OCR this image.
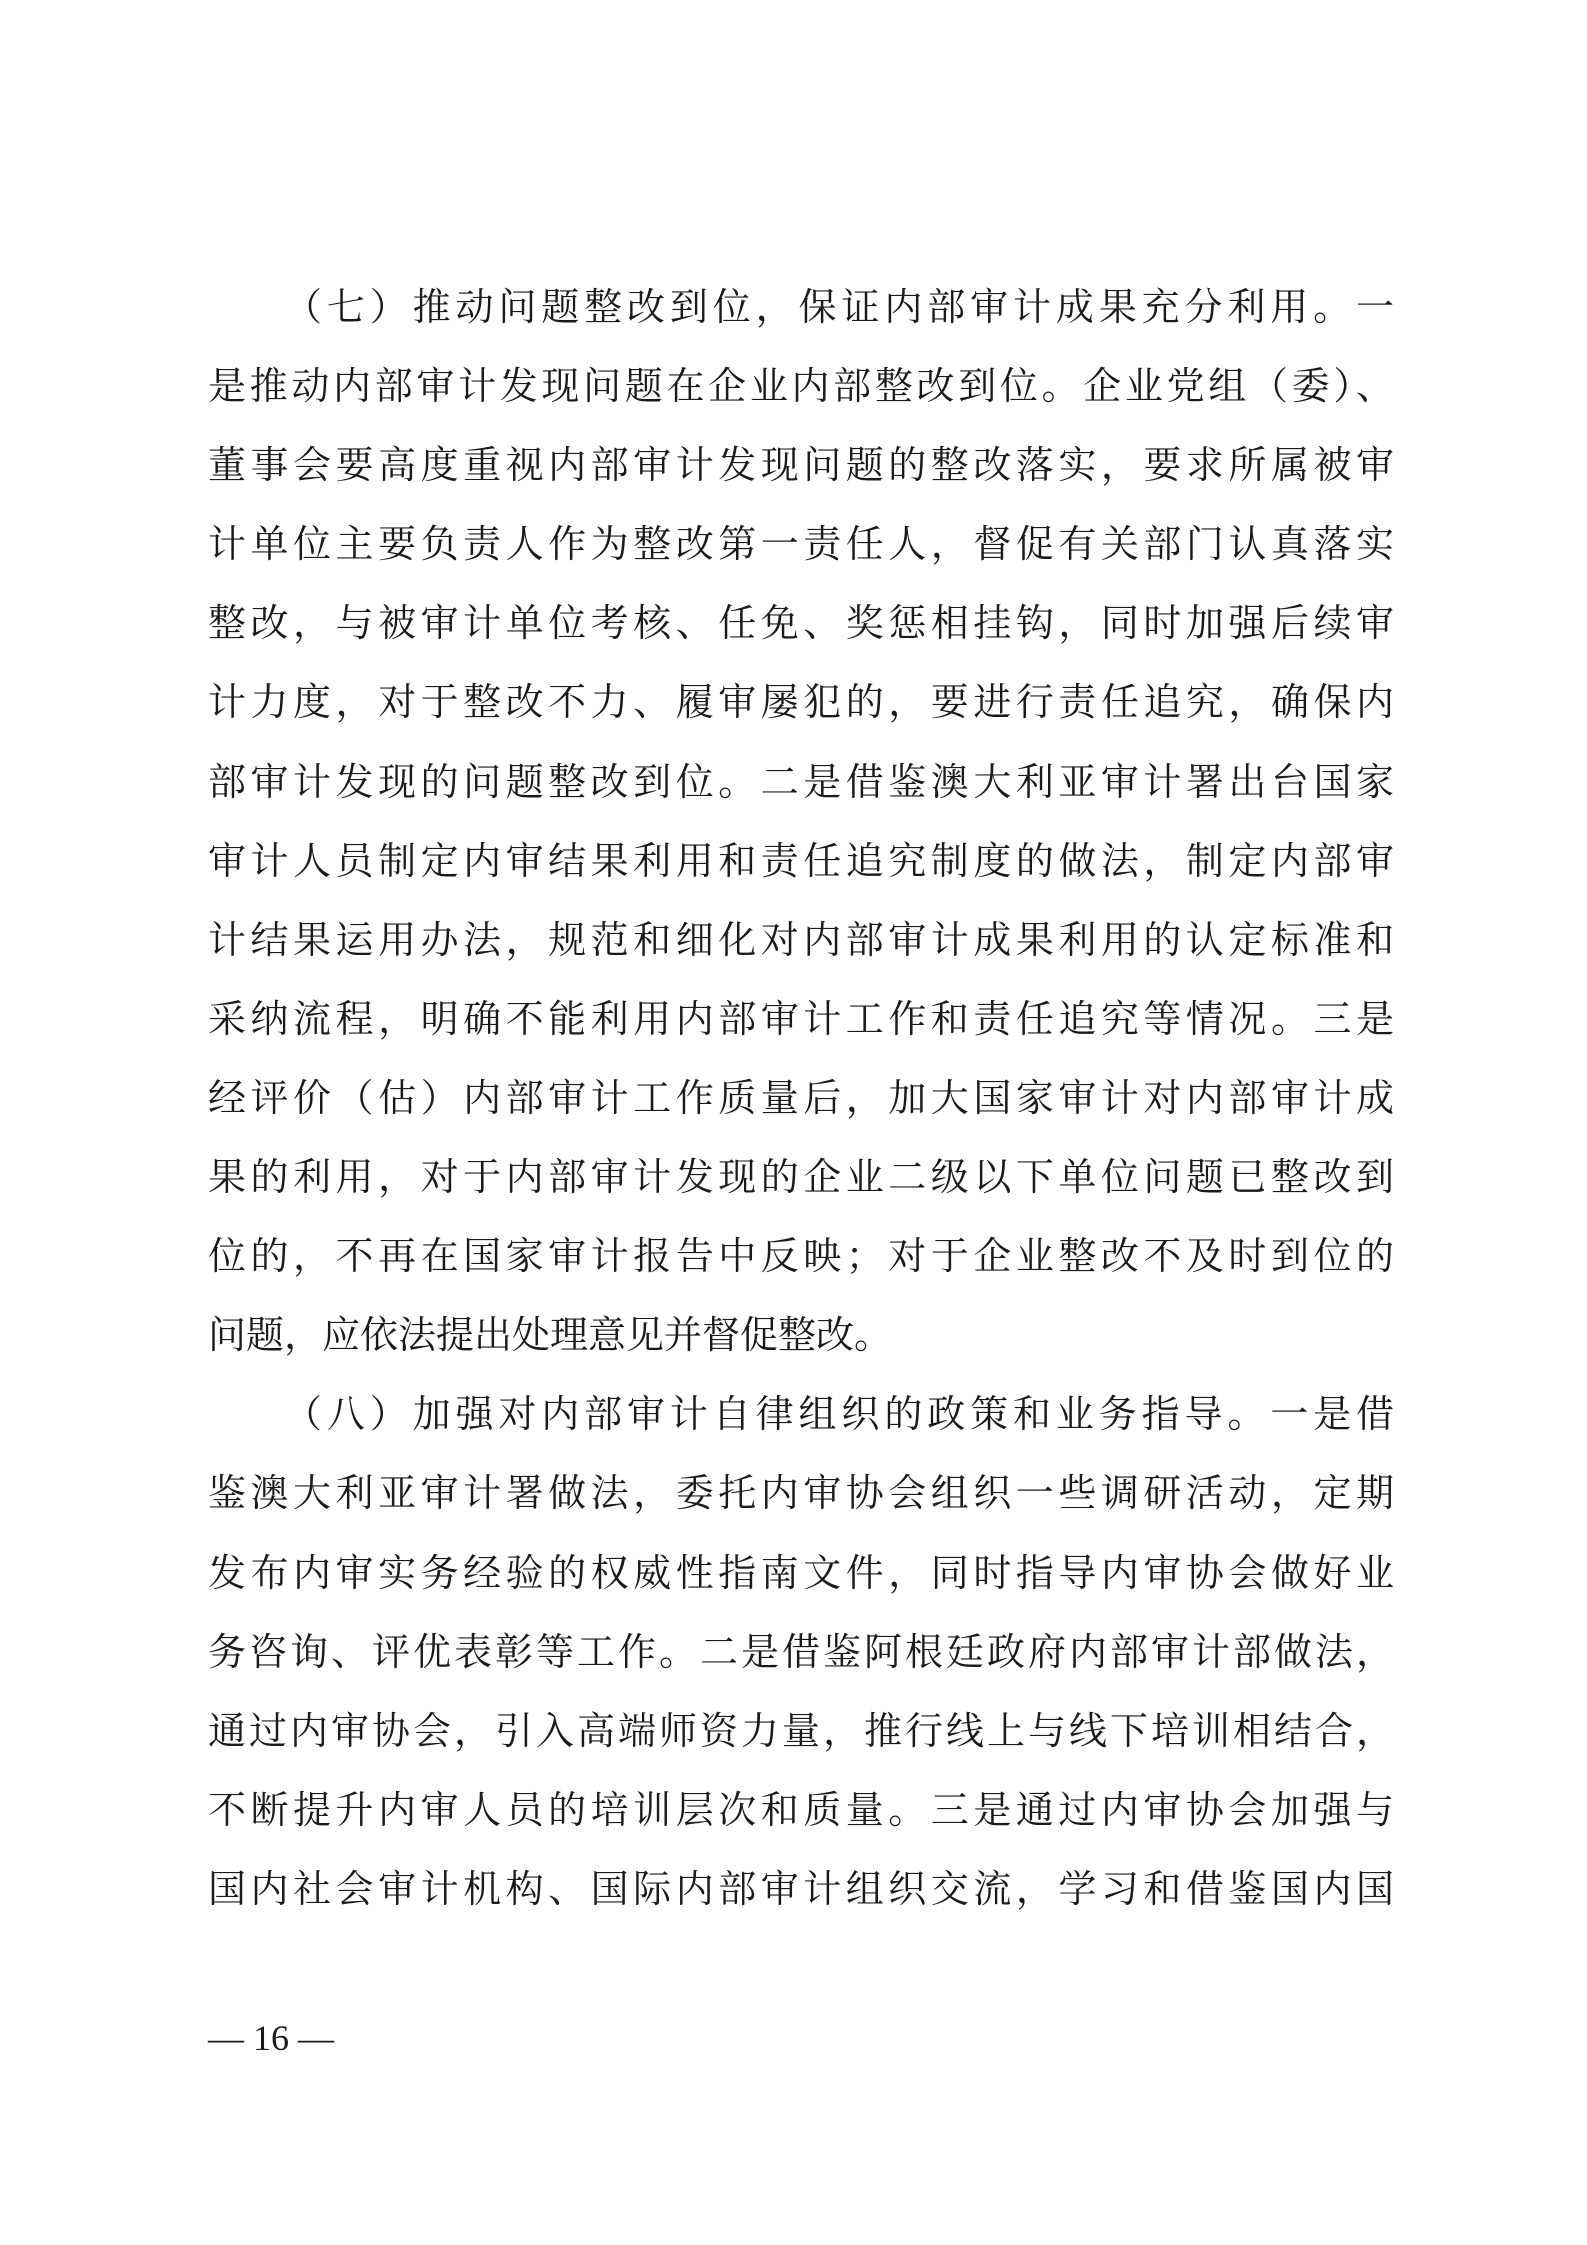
（七）推动问题整改到位，保证内部审计成果充分利用。一
是推动内部审计发现问题在企业内部整改到位。企业党组（委）、
董事会要高度重视内部审计发现问题的整改落实，要求所属被审
计单位主要负责人作为整改第一责任人，督促有关部门认真落实
整改，与被审计单位考核、任免、奖惩相挂钩，同时加强后续审
计力度，对于整改不力、履审屡犯的，要进行责任追究，确保内
部审计发现的问题整改到位。二是借鉴澳大利亚审计署出台国家
审计人员制定内审结果利用和责任追究制度的做法，制定内部审
计结果运用办法，规范和细化对内部审计成果利用的认定标准和
采纳流程，明确不能利用内部审计工作和责任追究等情况。三是
经评价（估）内部审计工作质量后，加大国家审计对内部审计成
果的利用，对于内部审计发现的企业二级以下单位问题已整改到
位的，不再在国家审计报告中反映；对于企业整改不及时到位的
问题，应依法提出处理意见并督促整改。
（八）加强对内部审计自律组织的政策和业务指导。一是借
鉴澳大利亚审计署做法，委托内审协会组织一些调研活动，定期
发布内审实务经验的权威性指南文件，同时指导内审协会做好业
务咨询、评优表彰等工作。二是借鉴阿根廷政府内部审计部做法，
通过内审协会，引入高端师资力量，推行线上与线下培训相结合，
不断提升内审人员的培训层次和质量。三是通过内审协会加强与
国内社会审计机构、国际内部审计组织交流，学习和借鉴国内国
— 16 —
